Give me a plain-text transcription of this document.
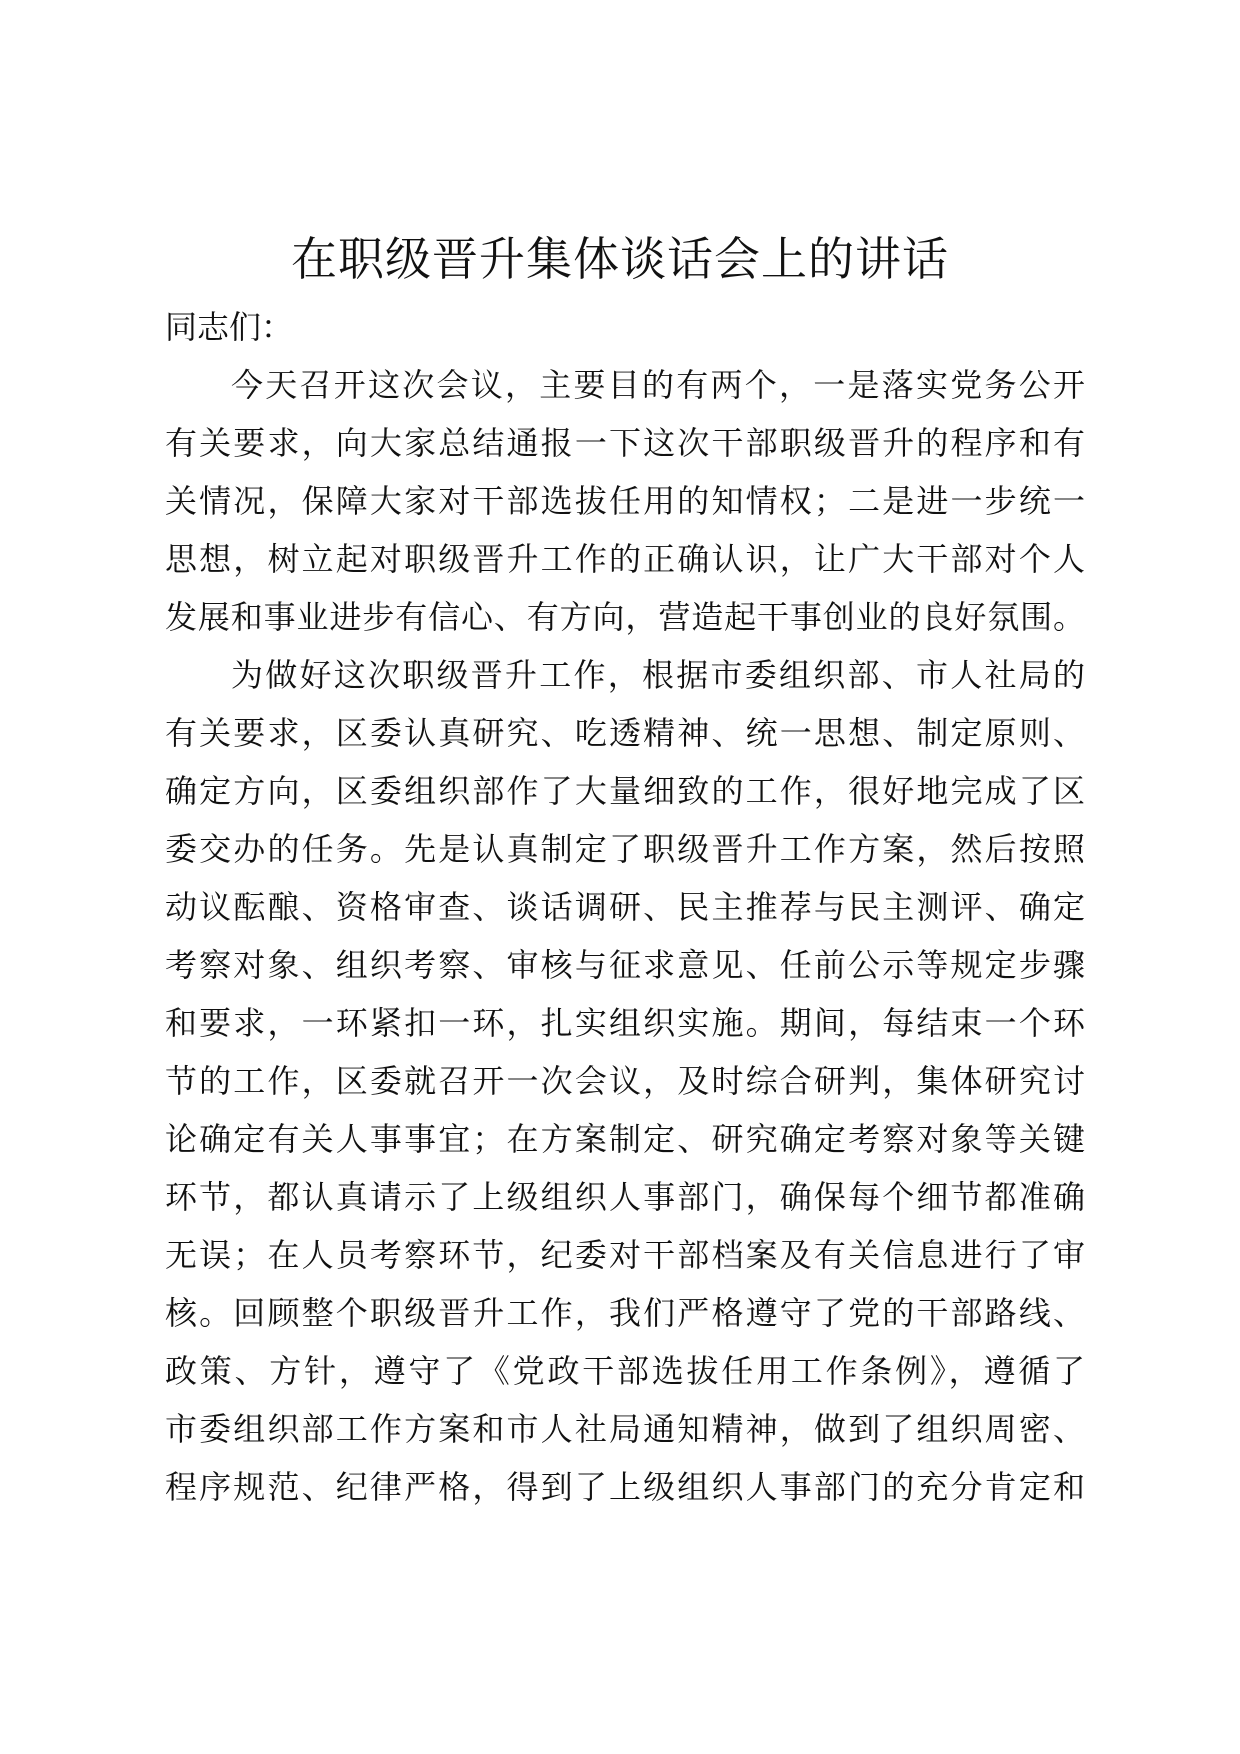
在职级晋升集体谈话会上的讲话

同志们：

今天召开这次会议，主要目的有两个，一是落实党务公开
有关要求，向大家总结通报一下这次干部职级晋升的程序和有
关情况，保障大家对干部选拔任用的知情权；二是进一步统一
思想，树立起对职级晋升工作的正确认识，让广大干部对个人
发展和事业进步有信心、有方向，营造起干事创业的良好氛围。
为做好这次职级晋升工作，根据市委组织部、市人社局的
有关要求，区委认真研究、吃透精神、统一思想、制定原则、
确定方向，区委组织部作了大量细致的工作，很好地完成了区
委交办的任务。先是认真制定了职级晋升工作方案，然后按照
动议酝酿、资格审查、谈话调研、民主推荐与民主测评、确定
考察对象、组织考察、审核与征求意见、任前公示等规定步骤
和要求，一环紧扣一环，扎实组织实施。期间，每结束一个环
节的工作，区委就召开一次会议，及时综合研判，集体研究讨
论确定有关人事事宜；在方案制定、研究确定考察对象等关键
环节，都认真请示了上级组织人事部门，确保每个细节都准确
无误；在人员考察环节，纪委对干部档案及有关信息进行了审
核。回顾整个职级晋升工作，我们严格遵守了党的干部路线、
政策、方针，遵守了《党政干部选拔任用工作条例》，遵循了
市委组织部工作方案和市人社局通知精神，做到了组织周密、
程序规范、纪律严格，得到了上级组织人事部门的充分肯定和
